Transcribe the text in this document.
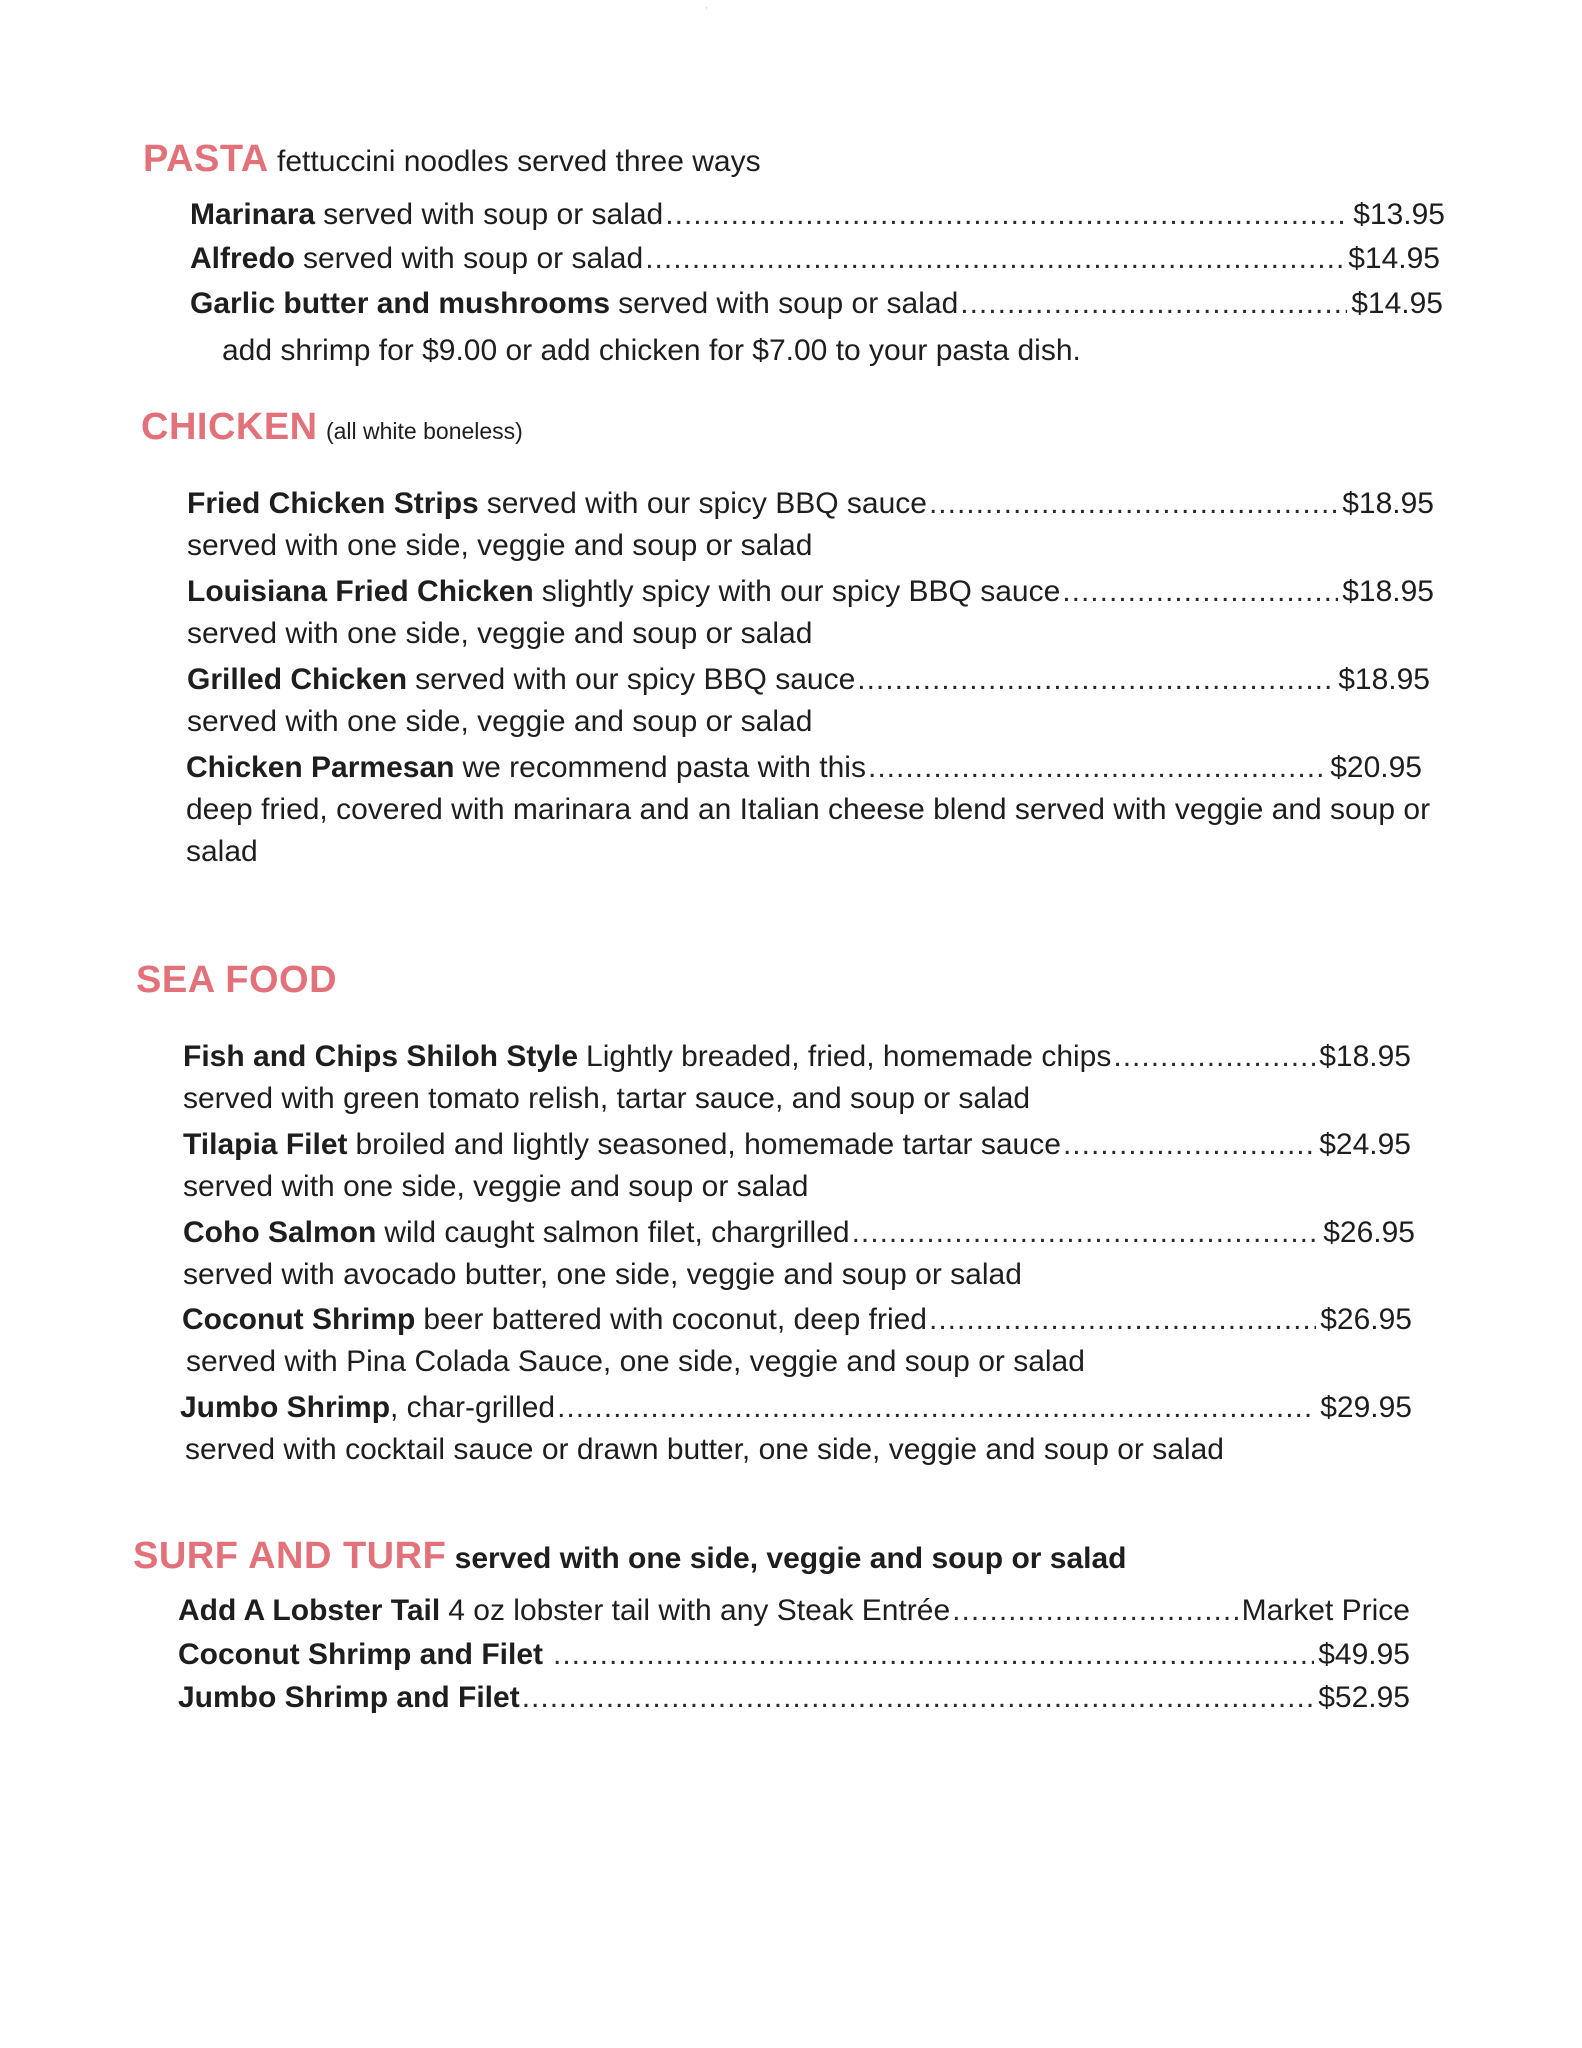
,
PASTA fettuccini noodles served three ways
Marinara served with soup or salad .....	$13.95
Alfredo served with soup or salad .....	$14.95
Garlic butter and mushrooms served with soup or salad .....	$14.95
add shrimp for $9.00 or add chicken for $7.00 to your pasta dish.
CHICKEN (all white boneless)
Fried Chicken Strips served with our spicy BBQ sauce .....	$18.95
served with one side, veggie and soup or salad
Louisiana Fried Chicken slightly spicy with our spicy BBQ sauce .....	$18.95
served with one side, veggie and soup or salad
Grilled Chicken served with our spicy BBQ sauce .....	$18.95
served with one side, veggie and soup or salad
Chicken Parmesan we recommend pasta with this .....	$20.95
deep fried, covered with marinara and an Italian cheese blend served with veggie and soup or salad
SEA FOOD
Fish and Chips Shiloh Style Lightly breaded, fried, homemade chips .....	$18.95
served with green tomato relish, tartar sauce, and soup or salad
Tilapia Filet broiled and lightly seasoned, homemade tartar sauce .....	$24.95
served with one side, veggie and soup or salad
Coho Salmon wild caught salmon filet, chargrilled .....	$26.95
served with avocado butter, one side, veggie and soup or salad
Coconut Shrimp beer battered with coconut, deep fried .....	$26.95
served with Pina Colada Sauce, one side, veggie and soup or salad
Jumbo Shrimp , char-grilled .....	$29.95
served with cocktail sauce or drawn butter, one side, veggie and soup or salad
SURF AND TURF served with one side, veggie and soup or salad
Add A Lobster Tail 4 oz lobster tail with any Steak Entrée .....	Market Price
Coconut Shrimp and Filet .....	$49.95
Jumbo Shrimp and Filet .....	$52.95
